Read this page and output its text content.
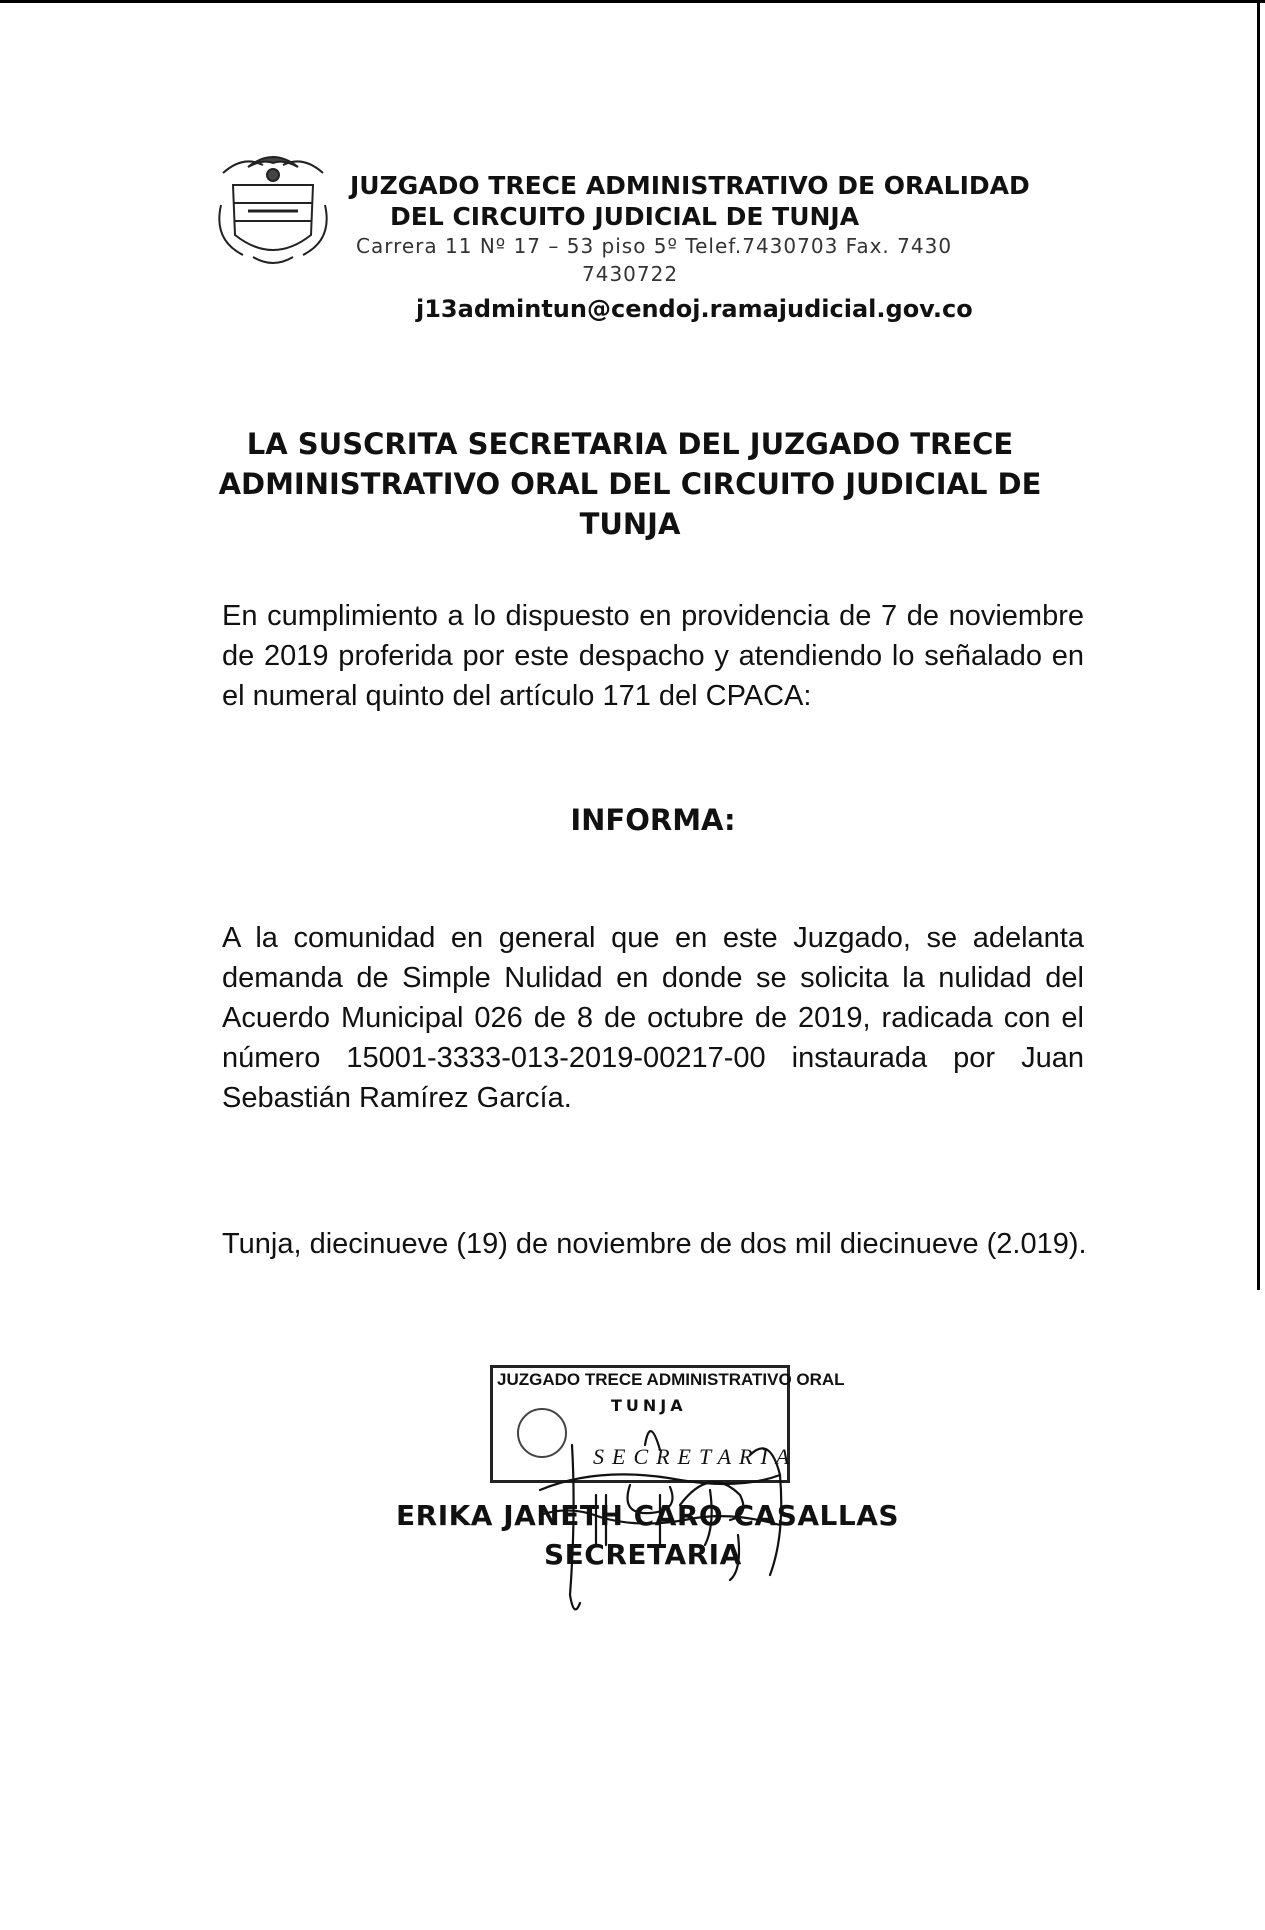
JUZGADO TRECE ADMINISTRATIVO DE ORALIDAD
DEL CIRCUITO JUDICIAL DE TUNJA
Carrera 11 Nº 17 – 53 piso 5º Telef.7430703 Fax. 7430
7430722
j13admintun@cendoj.ramajudicial.gov.co
LA SUSCRITA SECRETARIA DEL JUZGADO TRECE
ADMINISTRATIVO ORAL DEL CIRCUITO JUDICIAL DE
TUNJA
En cumplimiento a lo dispuesto en providencia de 7 de noviembre de 2019 proferida por este despacho y atendiendo lo señalado en el numeral quinto del artículo 171 del CPACA:
INFORMA:
A la comunidad en general que en este Juzgado, se adelanta demanda de Simple Nulidad en donde se solicita la nulidad del Acuerdo Municipal 026 de 8 de octubre de 2019, radicada con el número 15001-3333-013-2019-00217-00 instaurada por Juan Sebastián Ramírez García.
Tunja, diecinueve (19) de noviembre de dos mil diecinueve (2.019).
JUZGADO TRECE ADMINISTRATIVO ORAL
TUNJA
SECRETARIA
ERIKA JANETH CARO CASALLAS
SECRETARIA
